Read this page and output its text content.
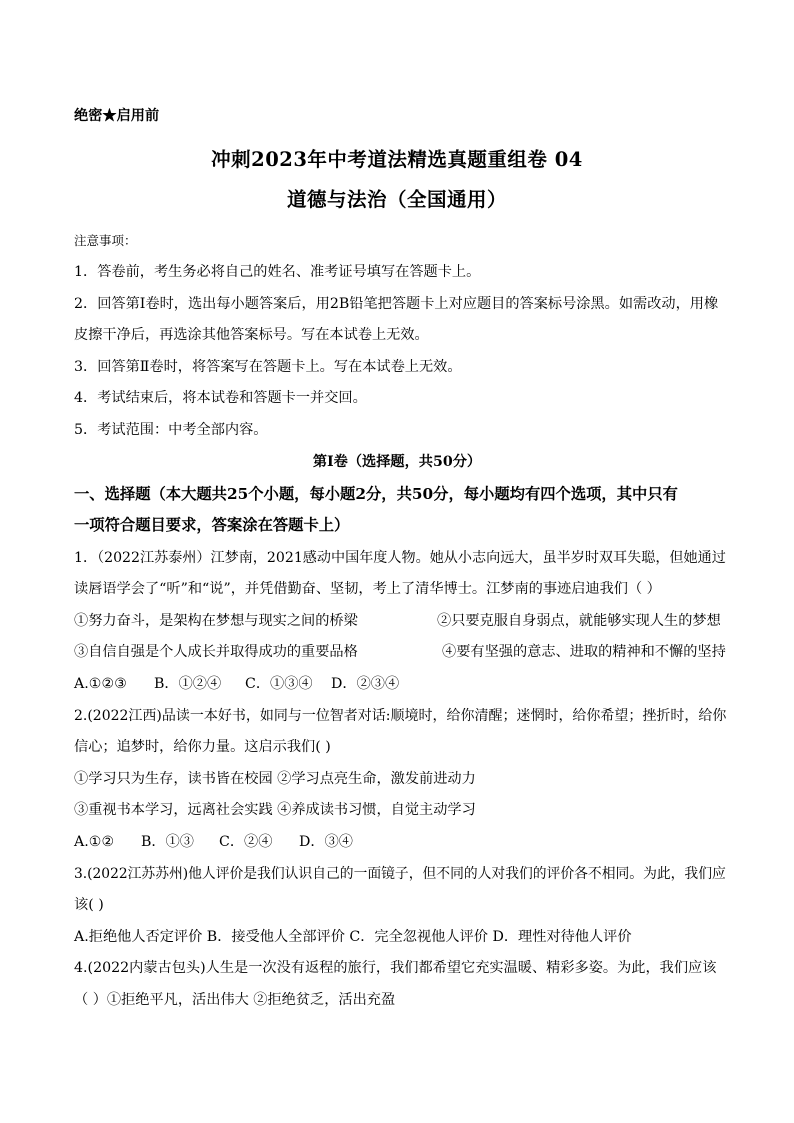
绝密★启用前
冲刺2023年中考道法精选真题重组卷 04
道德与法治（全国通用）
注意事项：
1．答卷前，考生务必将自己的姓名、准考证号填写在答题卡上。
2．回答第Ⅰ卷时，选出每小题答案后，用2B铅笔把答题卡上对应题目的答案标号涂黑。如需改动，用橡
皮擦干净后，再选涂其他答案标号。写在本试卷上无效。
3．回答第Ⅱ卷时，将答案写在答题卡上。写在本试卷上无效。
4．考试结束后，将本试卷和答题卡一并交回。
5．考试范围：中考全部内容。
第Ⅰ卷（选择题，共50分）
一、选择题（本大题共25个小题，每小题2分，共50分，每小题均有四个选项，其中只有
一项符合题目要求，答案涂在答题卡上）
1．（2022江苏泰州）江梦南，2021感动中国年度人物。她从小志向远大，虽半岁时双耳失聪，但她通过
读唇语学会了“听”和“说”，并凭借勤奋、坚韧，考上了清华博士。江梦南的事迹启迪我们（ ）
①努力奋斗，是架构在梦想与现实之间的桥梁	②只要克服自身弱点，就能够实现人生的梦想
③自信自强是个人成长并取得成功的重要品格	④要有坚强的意志、进取的精神和不懈的坚持
A.①②③ B．①②④ C．①③④ D．②③④
2.(2022江西)品读一本好书，如同与一位智者对话:顺境时，给你清醒；迷惘时，给你希望；挫折时，给你
信心；追梦时，给你力量。这启示我们( )
①学习只为生存，读书皆在校园 ②学习点亮生命，激发前进动力
③重视书本学习，远离社会实践 ④养成读书习惯，自觉主动学习
A.①② B．①③ C．②④ D．③④
3.(2022江苏苏州)他人评价是我们认识自己的一面镜子，但不同的人对我们的评价各不相同。为此，我们应
该( )
A.拒绝他人否定评价 B．接受他人全部评价 C．完全忽视他人评价 D．理性对待他人评价
4.(2022内蒙古包头)人生是一次没有返程的旅行，我们都希望它充实温暖、精彩多姿。为此，我们应该
（ ）①拒绝平凡，活出伟大 ②拒绝贫乏，活出充盈
